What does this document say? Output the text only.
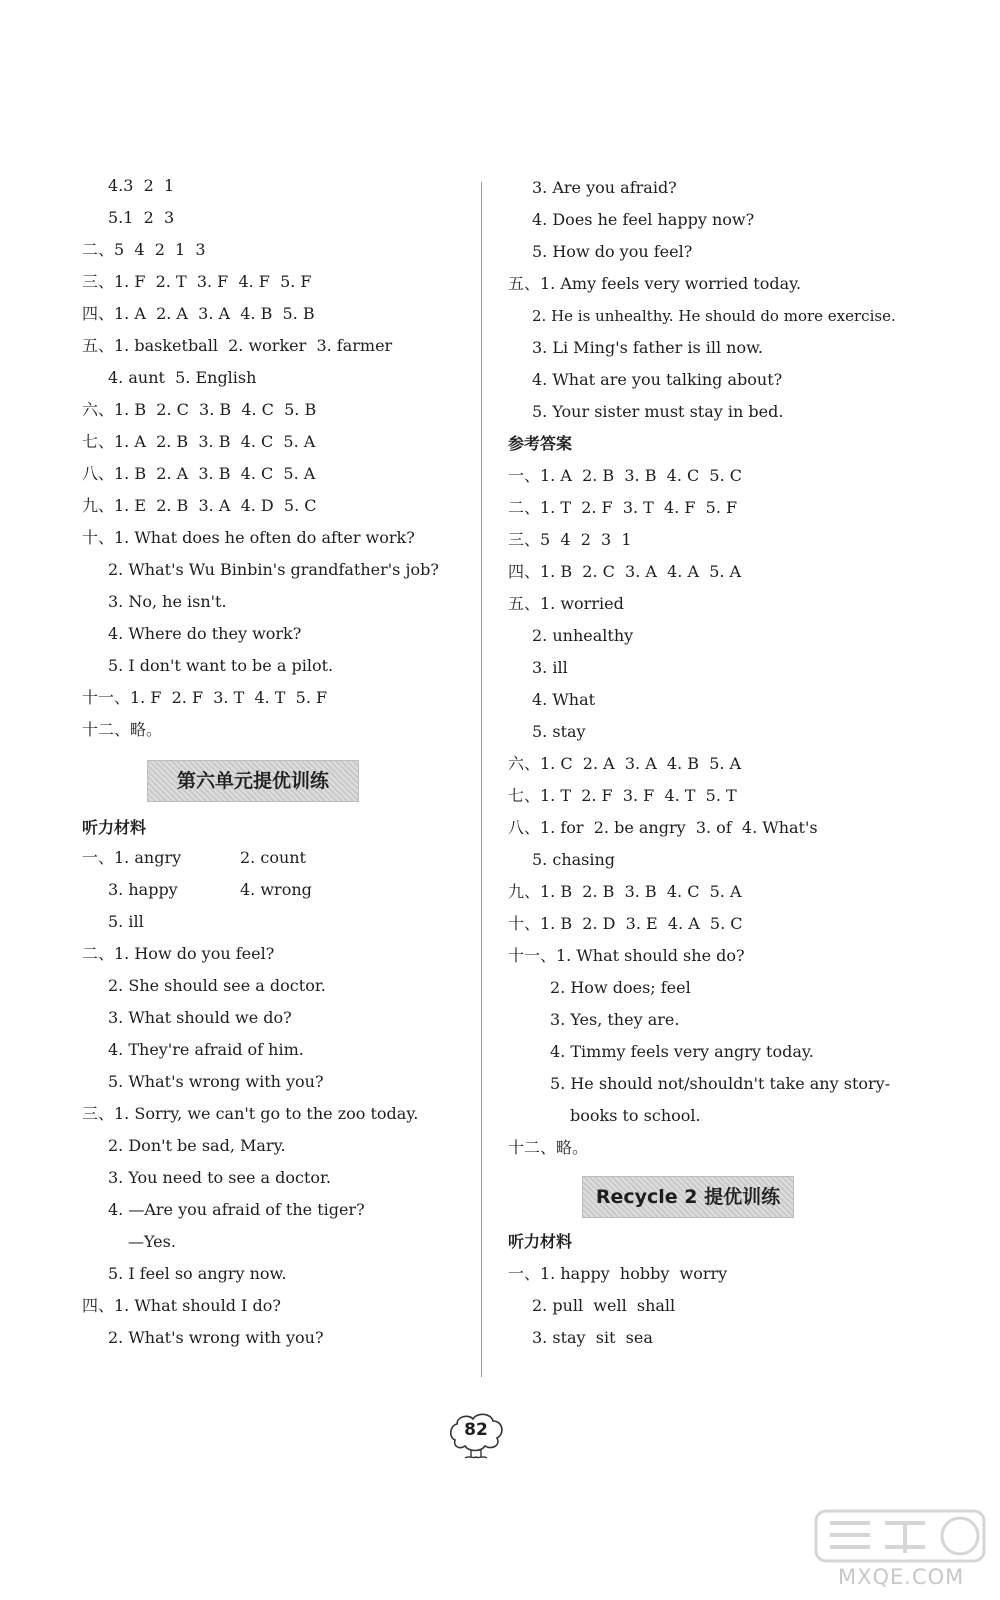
4.3  2  1
5.1  2  3
二、5  4  2  1  3
三、1. F  2. T  3. F  4. F  5. F
四、1. A  2. A  3. A  4. B  5. B
五、1. basketball  2. worker  3. farmer
4. aunt  5. English
六、1. B  2. C  3. B  4. C  5. B
七、1. A  2. B  3. B  4. C  5. A
八、1. B  2. A  3. B  4. C  5. A
九、1. E  2. B  3. A  4. D  5. C
十、1. What does he often do after work?
2. What's Wu Binbin's grandfather's job?
3. No, he isn't.
4. Where do they work?
5. I don't want to be a pilot.
十一、1. F  2. F  3. T  4. T  5. F
十二、略。
第六单元提优训练
听力材料
一、1. angry	2. count
3. happy	4. wrong
5. ill
二、1. How do you feel?
2. She should see a doctor.
3. What should we do?
4. They're afraid of him.
5. What's wrong with you?
三、1. Sorry, we can't go to the zoo today.
2. Don't be sad, Mary.
3. You need to see a doctor.
4. —Are you afraid of the tiger?
—Yes.
5. I feel so angry now.
四、1. What should I do?
2. What's wrong with you?
3. Are you afraid?
4. Does he feel happy now?
5. How do you feel?
五、1. Amy feels very worried today.
2. He is unhealthy. He should do more exercise.
3. Li Ming's father is ill now.
4. What are you talking about?
5. Your sister must stay in bed.
参考答案
一、1. A  2. B  3. B  4. C  5. C
二、1. T  2. F  3. T  4. F  5. F
三、5  4  2  3  1
四、1. B  2. C  3. A  4. A  5. A
五、1. worried
2. unhealthy
3. ill
4. What
5. stay
六、1. C  2. A  3. A  4. B  5. A
七、1. T  2. F  3. F  4. T  5. T
八、1. for  2. be angry  3. of  4. What's
5. chasing
九、1. B  2. B  3. B  4. C  5. A
十、1. B  2. D  3. E  4. A  5. C
十一、1. What should she do?
2. How does; feel
3. Yes, they are.
4. Timmy feels very angry today.
5. He should not/shouldn't take any story-
books to school.
十二、略。
Recycle 2 提优训练
听力材料
一、1. happy  hobby  worry
2. pull  well  shall
3. stay  sit  sea
82
MXQE.COM
